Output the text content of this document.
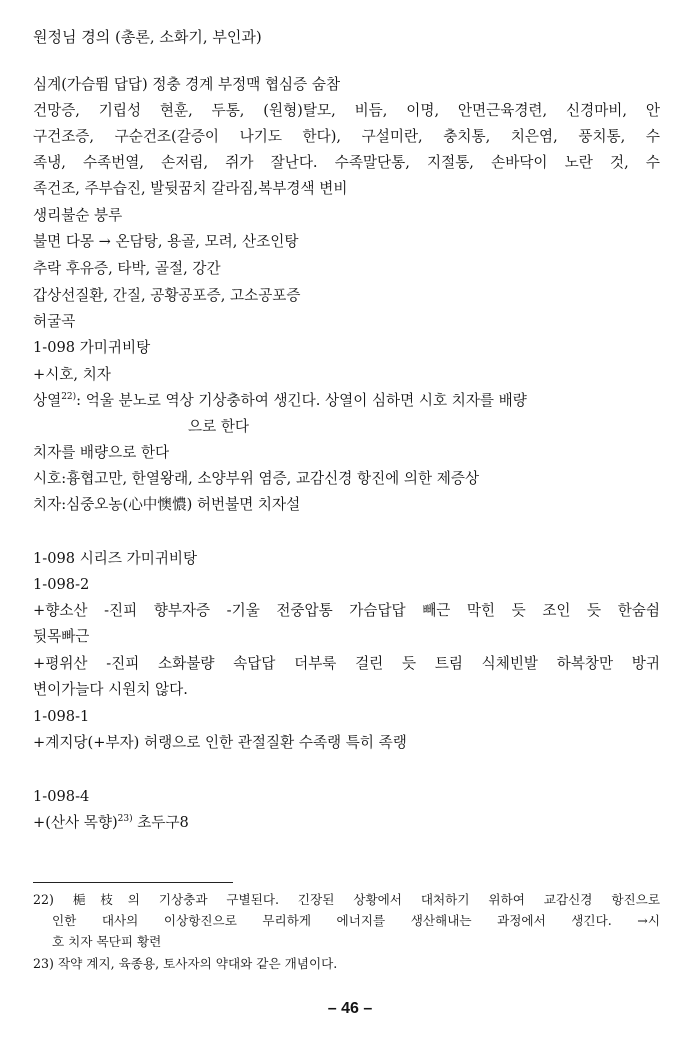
원정님 경의 (총론, 소화기, 부인과)
심계(가슴뜀 답답) 정충 경계 부정맥 협심증 숨참
건망증, 기립성 현훈, 두통, (원형)탈모, 비듬, 이명, 안면근육경련, 신경마비, 안
구건조증, 구순건조(갈증이 나기도 한다), 구설미란, 충치통, 치은염, 풍치통, 수
족냉, 수족번열, 손저림, 쥐가 잘난다. 수족말단통, 지절통, 손바닥이 노란 것, 수
족건조, 주부습진, 발뒷꿈치 갈라짐,복부경색 변비
생리불순 붕루
불면 다몽 → 온담탕, 용골, 모려, 산조인탕
추락 후유증, 타박, 골절, 강간
갑상선질환, 간질, 공황공포증, 고소공포증
허굴곡
1-098 가미귀비탕
+시호, 치자
상열$^{22)}$: 억울 분노로 역상 기상충하여 생긴다. 상열이 심하면 시호 치자를 배량
으로 한다
치자를 배량으로 한다
시호:흉협고만, 한열왕래, 소양부위 염증, 교감신경 항진에 의한 제증상
치자:심중오농(心中懊憹) 허번불면 치자설
1-098 시리즈 가미귀비탕
1-098-2
+향소산 -진피 향부자증 -기울 전중압통 가슴답답 빼근 막힌 듯 조인 듯 한숨쉼
뒷목빠근
+평위산 -진피 소화불량 속답답 더부룩 걸린 듯 트림 식체빈발 하복창만 방귀
변이가늘다 시원치 않다.
1-098-1
+계지당(+부자) 허랭으로 인한 관절질환 수족랭 특히 족랭
1-098-4
+(산사 목향)$^{23)}$ 초두구8
22) 梔枝의 기상충과 구별된다. 긴장된 상황에서 대처하기 위하여 교감신경 항진으로
인한 대사의 이상항진으로 무리하게 에너지를 생산해내는 과정에서 생긴다. →시
호 치자 목단피 황련
23) 작약 계지, 육종용, 토사자의 약대와 같은 개념이다.
– 46 –
